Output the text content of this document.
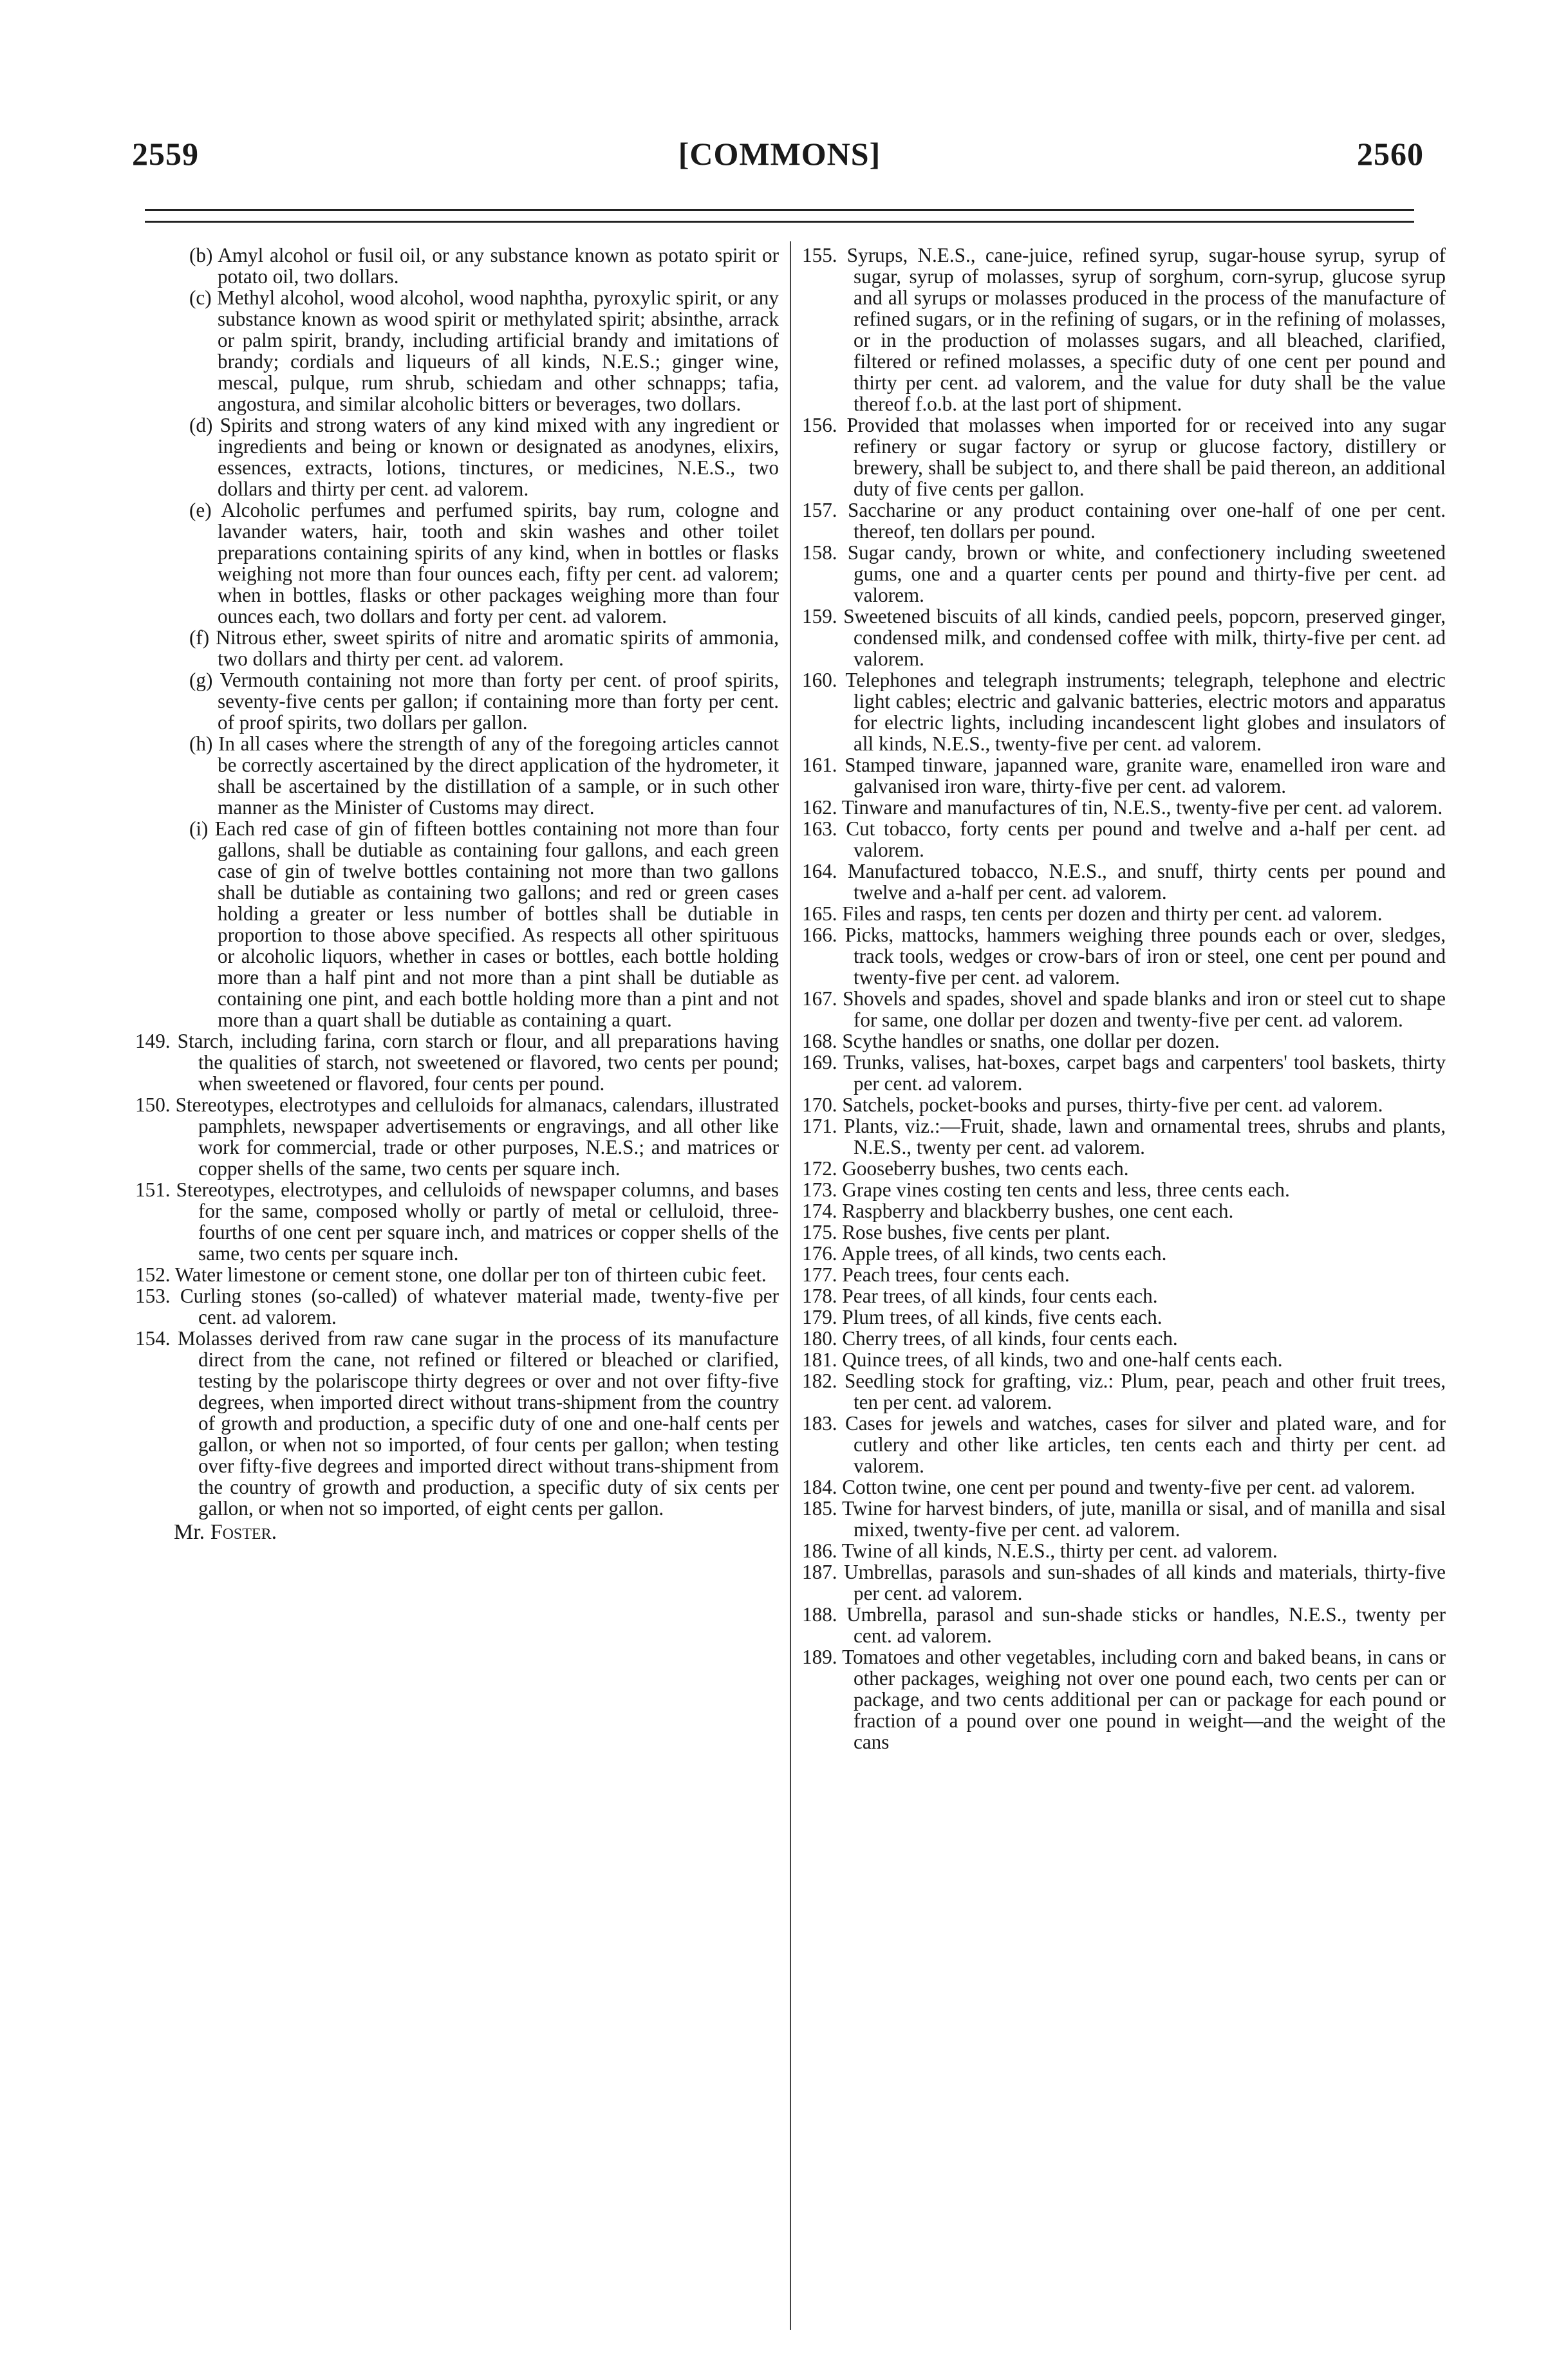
2559	[COMMONS]	2560
(b) Amyl alcohol or fusil oil, or any substance known as potato spirit or potato oil, two dollars.
(c) Methyl alcohol, wood alcohol, wood naphtha, pyroxylic spirit, or any substance known as wood spirit or methylated spirit; absinthe, arrack or palm spirit, brandy, including artificial brandy and imitations of brandy; cordials and liqueurs of all kinds, N.E.S.; ginger wine, mescal, pulque, rum shrub, schiedam and other schnapps; tafia, angostura, and similar alcoholic bitters or beverages, two dollars.
(d) Spirits and strong waters of any kind mixed with any ingredient or ingredients and being or known or designated as anodynes, elixirs, essences, extracts, lotions, tinctures, or medicines, N.E.S., two dollars and thirty per cent. ad valorem.
(e) Alcoholic perfumes and perfumed spirits, bay rum, cologne and lavander waters, hair, tooth and skin washes and other toilet preparations containing spirits of any kind, when in bottles or flasks weighing not more than four ounces each, fifty per cent. ad valorem; when in bottles, flasks or other packages weighing more than four ounces each, two dollars and forty per cent. ad valorem.
(f) Nitrous ether, sweet spirits of nitre and aromatic spirits of ammonia, two dollars and thirty per cent. ad valorem.
(g) Vermouth containing not more than forty per cent. of proof spirits, seventy-five cents per gallon; if containing more than forty per cent. of proof spirits, two dollars per gallon.
(h) In all cases where the strength of any of the foregoing articles cannot be correctly ascertained by the direct application of the hydrometer, it shall be ascertained by the distillation of a sample, or in such other manner as the Minister of Customs may direct.
(i) Each red case of gin of fifteen bottles containing not more than four gallons, shall be dutiable as containing four gallons, and each green case of gin of twelve bottles containing not more than two gallons shall be dutiable as containing two gallons; and red or green cases holding a greater or less number of bottles shall be dutiable in proportion to those above specified. As respects all other spirituous or alcoholic liquors, whether in cases or bottles, each bottle holding more than a half pint and not more than a pint shall be dutiable as containing one pint, and each bottle holding more than a pint and not more than a quart shall be dutiable as containing a quart.
149. Starch, including farina, corn starch or flour, and all preparations having the qualities of starch, not sweetened or flavored, two cents per pound; when sweetened or flavored, four cents per pound.
150. Stereotypes, electrotypes and celluloids for almanacs, calendars, illustrated pamphlets, newspaper advertisements or engravings, and all other like work for commercial, trade or other purposes, N.E.S.; and matrices or copper shells of the same, two cents per square inch.
151. Stereotypes, electrotypes, and celluloids of newspaper columns, and bases for the same, composed wholly or partly of metal or celluloid, three-fourths of one cent per square inch, and matrices or copper shells of the same, two cents per square inch.
152. Water limestone or cement stone, one dollar per ton of thirteen cubic feet.
153. Curling stones (so-called) of whatever material made, twenty-five per cent. ad valorem.
154. Molasses derived from raw cane sugar in the process of its manufacture direct from the cane, not refined or filtered or bleached or clarified, testing by the polariscope thirty degrees or over and not over fifty-five degrees, when imported direct without trans-shipment from the country of growth and production, a specific duty of one and one-half cents per gallon, or when not so imported, of four cents per gallon; when testing over fifty-five degrees and imported direct without trans-shipment from the country of growth and production, a specific duty of six cents per gallon, or when not so imported, of eight cents per gallon.
Mr. Foster.
155. Syrups, N.E.S., cane-juice, refined syrup, sugar-house syrup, syrup of sugar, syrup of molasses, syrup of sorghum, corn-syrup, glucose syrup and all syrups or molasses produced in the process of the manufacture of refined sugars, or in the refining of sugars, or in the refining of molasses, or in the production of molasses sugars, and all bleached, clarified, filtered or refined molasses, a specific duty of one cent per pound and thirty per cent. ad valorem, and the value for duty shall be the value thereof f.o.b. at the last port of shipment.
156. Provided that molasses when imported for or received into any sugar refinery or sugar factory or syrup or glucose factory, distillery or brewery, shall be subject to, and there shall be paid thereon, an additional duty of five cents per gallon.
157. Saccharine or any product containing over one-half of one per cent. thereof, ten dollars per pound.
158. Sugar candy, brown or white, and confectionery including sweetened gums, one and a quarter cents per pound and thirty-five per cent. ad valorem.
159. Sweetened biscuits of all kinds, candied peels, popcorn, preserved ginger, condensed milk, and condensed coffee with milk, thirty-five per cent. ad valorem.
160. Telephones and telegraph instruments; telegraph, telephone and electric light cables; electric and galvanic batteries, electric motors and apparatus for electric lights, including incandescent light globes and insulators of all kinds, N.E.S., twenty-five per cent. ad valorem.
161. Stamped tinware, japanned ware, granite ware, enamelled iron ware and galvanised iron ware, thirty-five per cent. ad valorem.
162. Tinware and manufactures of tin, N.E.S., twenty-five per cent. ad valorem.
163. Cut tobacco, forty cents per pound and twelve and a-half per cent. ad valorem.
164. Manufactured tobacco, N.E.S., and snuff, thirty cents per pound and twelve and a-half per cent. ad valorem.
165. Files and rasps, ten cents per dozen and thirty per cent. ad valorem.
166. Picks, mattocks, hammers weighing three pounds each or over, sledges, track tools, wedges or crow-bars of iron or steel, one cent per pound and twenty-five per cent. ad valorem.
167. Shovels and spades, shovel and spade blanks and iron or steel cut to shape for same, one dollar per dozen and twenty-five per cent. ad valorem.
168. Scythe handles or snaths, one dollar per dozen.
169. Trunks, valises, hat-boxes, carpet bags and carpenters' tool baskets, thirty per cent. ad valorem.
170. Satchels, pocket-books and purses, thirty-five per cent. ad valorem.
171. Plants, viz.:—Fruit, shade, lawn and ornamental trees, shrubs and plants, N.E.S., twenty per cent. ad valorem.
172. Gooseberry bushes, two cents each.
173. Grape vines costing ten cents and less, three cents each.
174. Raspberry and blackberry bushes, one cent each.
175. Rose bushes, five cents per plant.
176. Apple trees, of all kinds, two cents each.
177. Peach trees, four cents each.
178. Pear trees, of all kinds, four cents each.
179. Plum trees, of all kinds, five cents each.
180. Cherry trees, of all kinds, four cents each.
181. Quince trees, of all kinds, two and one-half cents each.
182. Seedling stock for grafting, viz.: Plum, pear, peach and other fruit trees, ten per cent. ad valorem.
183. Cases for jewels and watches, cases for silver and plated ware, and for cutlery and other like articles, ten cents each and thirty per cent. ad valorem.
184. Cotton twine, one cent per pound and twenty-five per cent. ad valorem.
185. Twine for harvest binders, of jute, manilla or sisal, and of manilla and sisal mixed, twenty-five per cent. ad valorem.
186. Twine of all kinds, N.E.S., thirty per cent. ad valorem.
187. Umbrellas, parasols and sun-shades of all kinds and materials, thirty-five per cent. ad valorem.
188. Umbrella, parasol and sun-shade sticks or handles, N.E.S., twenty per cent. ad valorem.
189. Tomatoes and other vegetables, including corn and baked beans, in cans or other packages, weighing not over one pound each, two cents per can or package, and two cents additional per can or package for each pound or fraction of a pound over one pound in weight—and the weight of the cans
